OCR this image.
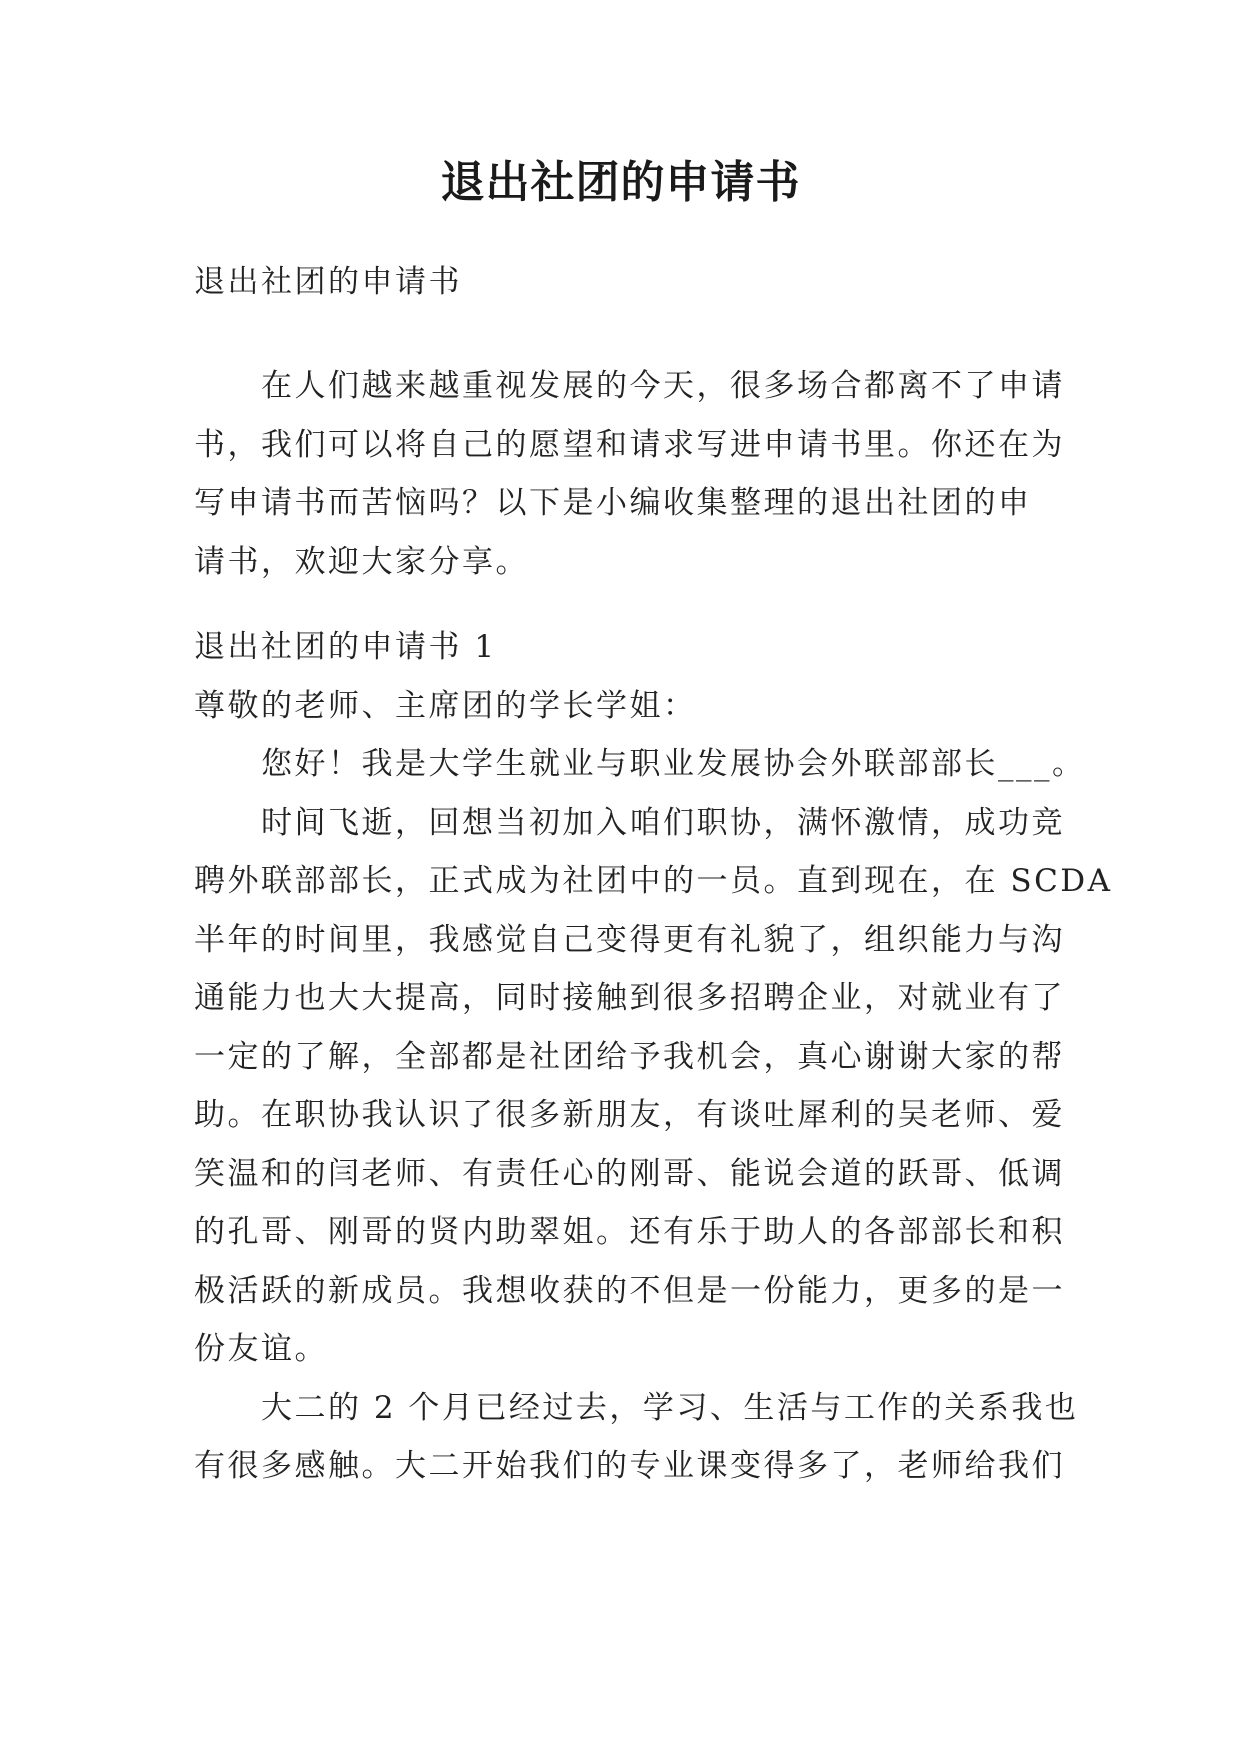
退出社团的申请书
退出社团的申请书
　　在人们越来越重视发展的今天，很多场合都离不了申请
书，我们可以将自己的愿望和请求写进申请书里。你还在为
写申请书而苦恼吗？以下是小编收集整理的退出社团的申
请书，欢迎大家分享。
退出社团的申请书 1
尊敬的老师、主席团的学长学姐：
　　您好！我是大学生就业与职业发展协会外联部部长___。
　　时间飞逝，回想当初加入咱们职协，满怀激情，成功竞
聘外联部部长，正式成为社团中的一员。直到现在，在 SCDA
半年的时间里，我感觉自己变得更有礼貌了，组织能力与沟
通能力也大大提高，同时接触到很多招聘企业，对就业有了
一定的了解，全部都是社团给予我机会，真心谢谢大家的帮
助。在职协我认识了很多新朋友，有谈吐犀利的吴老师、爱
笑温和的闫老师、有责任心的刚哥、能说会道的跃哥、低调
的孔哥、刚哥的贤内助翠姐。还有乐于助人的各部部长和积
极活跃的新成员。我想收获的不但是一份能力，更多的是一
份友谊。
　　大二的 2 个月已经过去，学习、生活与工作的关系我也
有很多感触。大二开始我们的专业课变得多了，老师给我们
